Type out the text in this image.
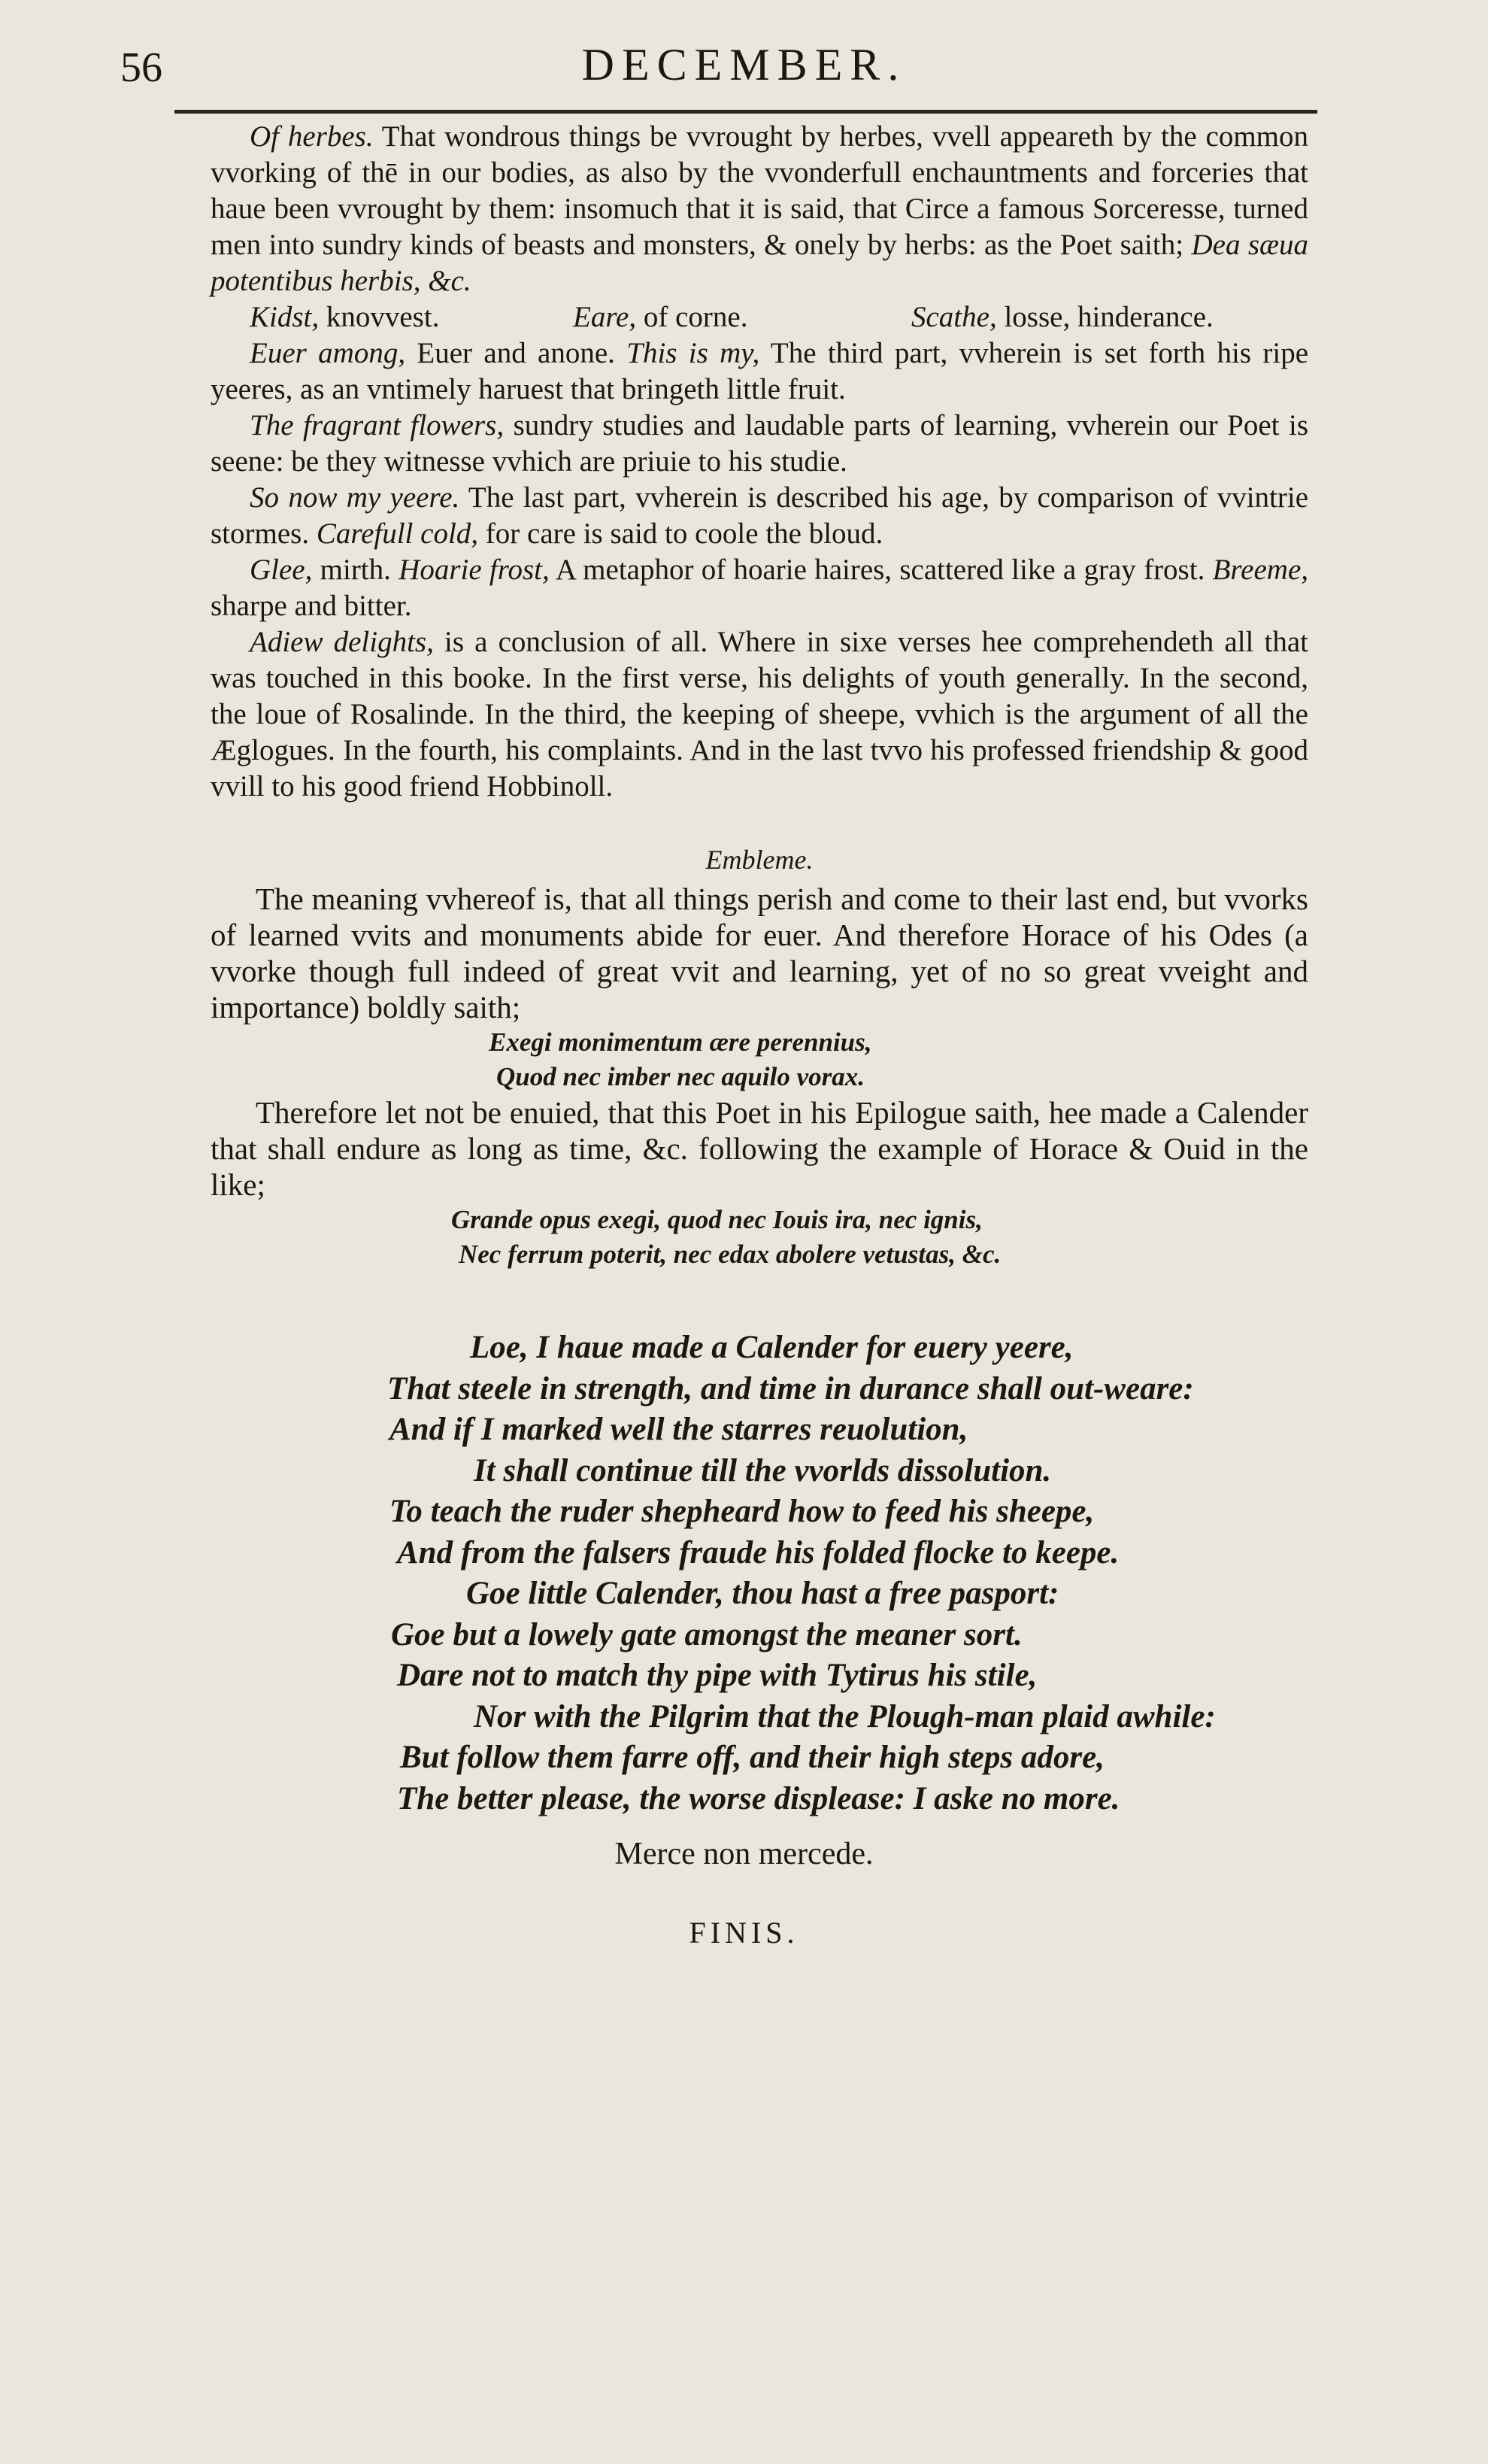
56	DECEMBER.

Of herbes. That wondrous things be vvrought by herbes, vvell appeareth by the common vvorking of thē in our bodies, as also by the vvonderfull enchauntments and forceries that haue been vvrought by them: insomuch that it is said, that Circe a famous Sorceresse, turned men into sundry kinds of beasts and monsters, & onely by herbs: as the Poet saith; Dea sæua potentibus herbis, &c.

Kidst, knovvest.	Eare, of corne.	Scathe, losse, hinderance.

Euer among, Euer and anone. This is my, The third part, vvherein is set forth his ripe yeeres, as an vntimely haruest that bringeth little fruit.

The fragrant flowers, sundry studies and laudable parts of learning, vvherein our Poet is seene: be they witnesse vvhich are priuie to his studie.

So now my yeere. The last part, vvherein is described his age, by comparison of vvintrie stormes. Carefull cold, for care is said to coole the bloud.

Glee, mirth. Hoarie frost, A metaphor of hoarie haires, scattered like a gray frost. Breeme, sharpe and bitter.

Adiew delights, is a conclusion of all. Where in sixe verses hee comprehendeth all that was touched in this booke. In the first verse, his delights of youth generally. In the second, the loue of Rosalinde. In the third, the keeping of sheepe, vvhich is the argument of all the Æglogues. In the fourth, his complaints. And in the last tvvo his professed friendship & good vvill to his good friend Hobbinoll.

Embleme.

The meaning vvhereof is, that all things perish and come to their last end, but vvorks of learned vvits and monuments abide for euer. And therefore Horace of his Odes (a vvorke though full indeed of great vvit and learning, yet of no so great vveight and importance) boldly saith;

Exegi monimentum ære perennius,
Quod nec imber nec aquilo vorax.

Therefore let not be enuied, that this Poet in his Epilogue saith, hee made a Calender that shall endure as long as time, &c. following the example of Horace & Ouid in the like;

Grande opus exegi, quod nec Iouis ira, nec ignis,
Nec ferrum poterit, nec edax abolere vetustas, &c.
Loe, I haue made a Calender for euery yeere,
That steele in strength, and time in durance shall out-weare:
And if I marked well the starres reuolution,
It shall continue till the vvorlds dissolution.
To teach the ruder shepheard how to feed his sheepe,
And from the falsers fraude his folded flocke to keepe.
Goe little Calender, thou hast a free pasport:
Goe but a lowely gate amongst the meaner sort.
Dare not to match thy pipe with Tytirus his stile,
Nor with the Pilgrim that the Plough-man plaid awhile:
But follow them farre off, and their high steps adore,
The better please, the worse displease: I aske no more.
Merce non mercede.
FINIS.
